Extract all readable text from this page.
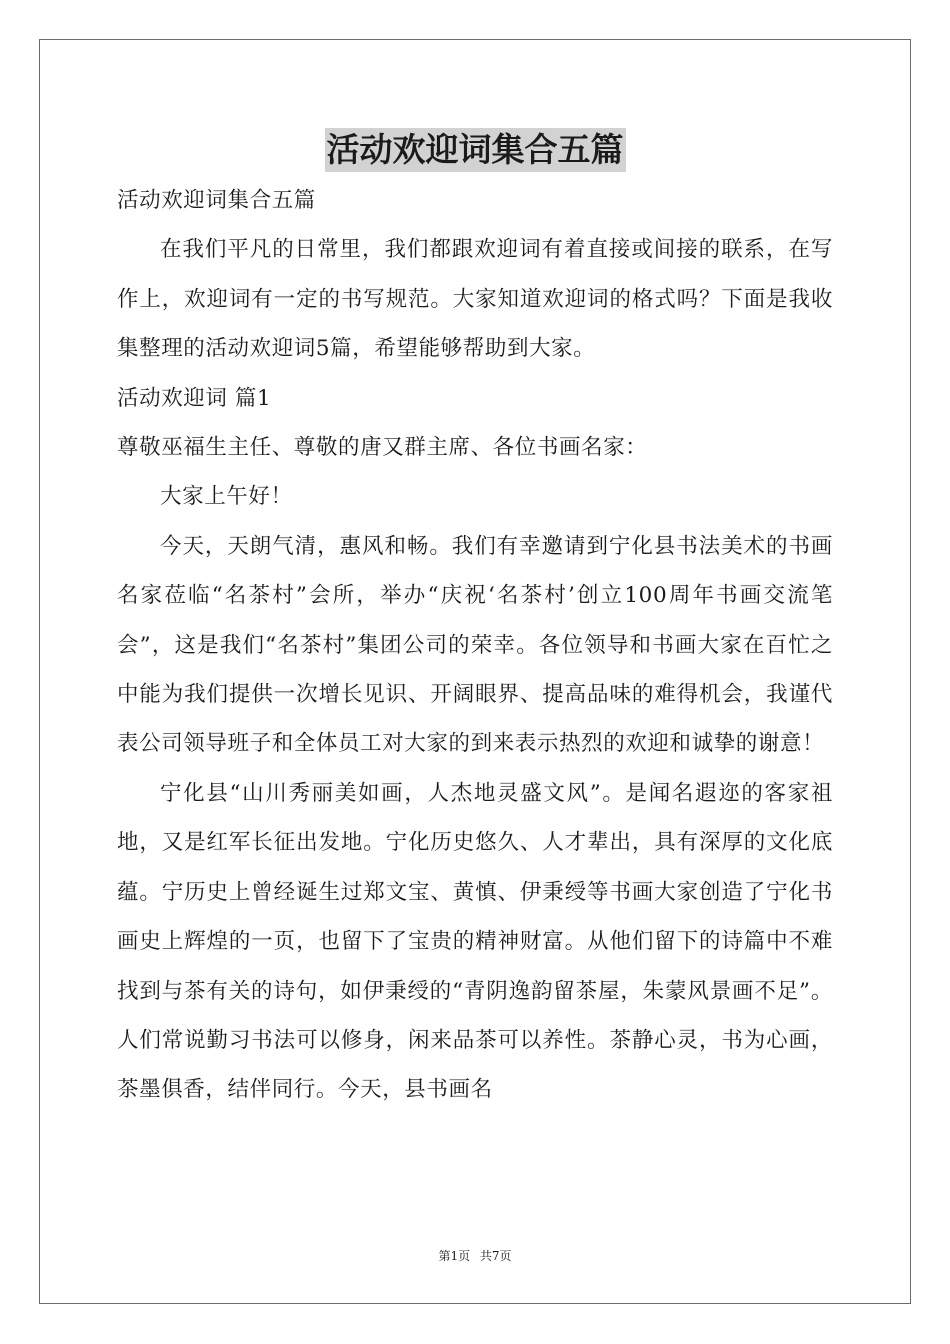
活动欢迎词集合五篇

活动欢迎词集合五篇

在我们平凡的日常里，我们都跟欢迎词有着直接或间接的联系，在写作上，欢迎词有一定的书写规范。大家知道欢迎词的格式吗？下面是我收集整理的活动欢迎词5篇，希望能够帮助到大家。

活动欢迎词 篇1

尊敬巫福生主任、尊敬的唐又群主席、各位书画名家：

大家上午好！

今天，天朗气清，惠风和畅。我们有幸邀请到宁化县书法美术的书画名家莅临“名茶村”会所，举办“庆祝‘名茶村’创立100周年书画交流笔会”，这是我们“名茶村”集团公司的荣幸。各位领导和书画大家在百忙之中能为我们提供一次增长见识、开阔眼界、提高品味的难得机会，我谨代表公司领导班子和全体员工对大家的到来表示热烈的欢迎和诚挚的谢意！

宁化县“山川秀丽美如画，人杰地灵盛文风”。是闻名遐迩的客家祖地，又是红军长征出发地。宁化历史悠久、人才辈出，具有深厚的文化底蕴。宁历史上曾经诞生过郑文宝、黄慎、伊秉绶等书画大家创造了宁化书画史上辉煌的一页，也留下了宝贵的精神财富。从他们留下的诗篇中不难找到与茶有关的诗句，如伊秉绶的“青阴逸韵留茶屋，朱蒙风景画不足”。人们常说勤习书法可以修身，闲来品茶可以养性。茶静心灵，书为心画，茶墨俱香，结伴同行。今天，县书画名

第1页 共7页
